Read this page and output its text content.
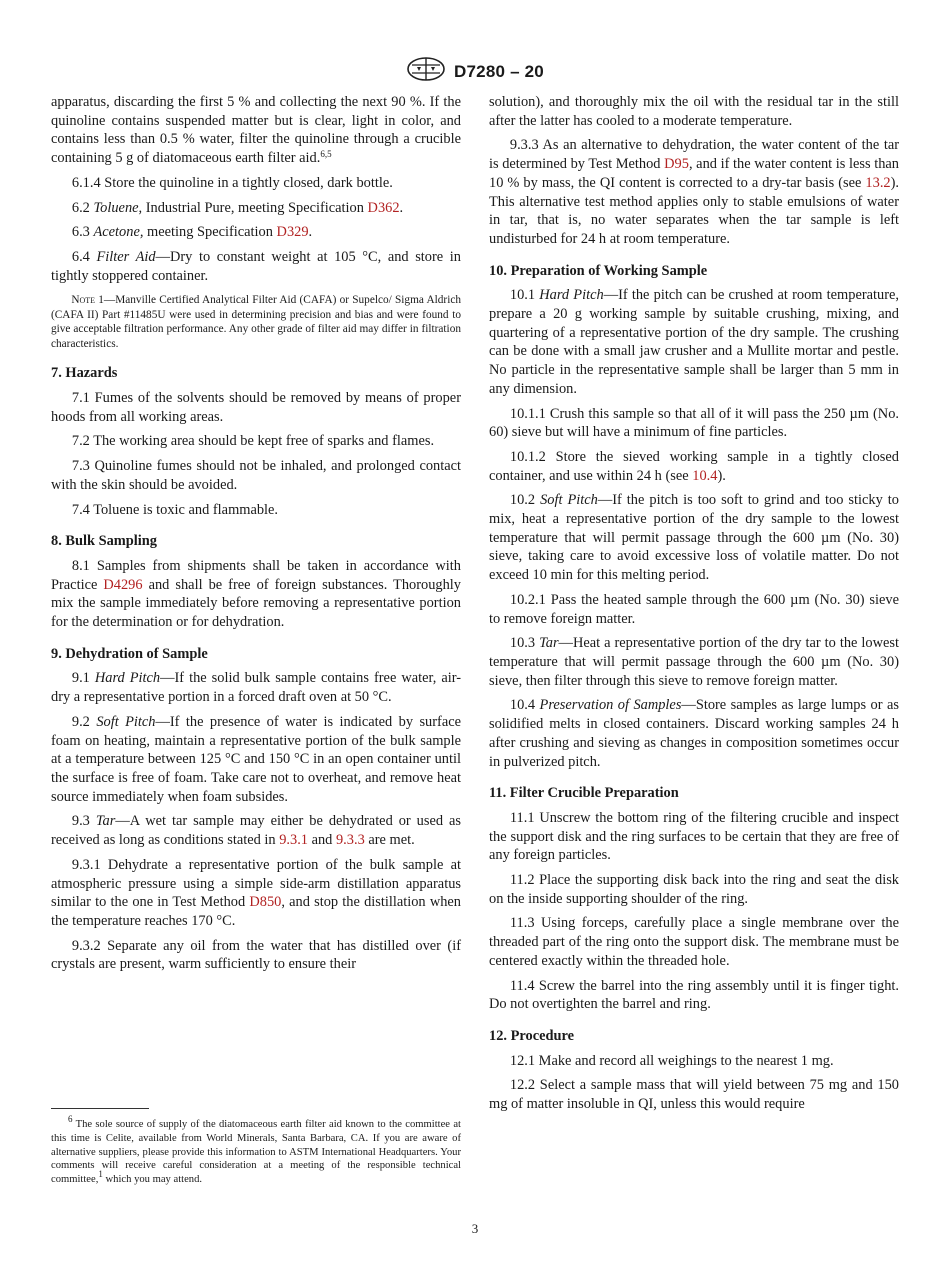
D7280 – 20

apparatus, discarding the first 5 % and collecting the next 90 %. If the quinoline contains suspended matter but is clear, light in color, and contains less than 0.5 % water, filter the quinoline through a crucible containing 5 g of diatomaceous earth filter aid.$^{6,5}$

6.1.4 Store the quinoline in a tightly closed, dark bottle.

6.2 Toluene, Industrial Pure, meeting Specification D362.

6.3 Acetone, meeting Specification D329.

6.4 Filter Aid—Dry to constant weight at 105 °C, and store in tightly stoppered container.

Note 1—Manville Certified Analytical Filter Aid (CAFA) or Supelco/ Sigma Aldrich (CAFA II) Part #11485U were used in determining precision and bias and were found to give acceptable filtration performance. Any other grade of filter aid may differ in filtration characteristics.

7. Hazards

7.1 Fumes of the solvents should be removed by means of proper hoods from all working areas.

7.2 The working area should be kept free of sparks and flames.

7.3 Quinoline fumes should not be inhaled, and prolonged contact with the skin should be avoided.

7.4 Toluene is toxic and flammable.

8. Bulk Sampling

8.1 Samples from shipments shall be taken in accordance with Practice D4296 and shall be free of foreign substances. Thoroughly mix the sample immediately before removing a representative portion for the determination or for dehydration.

9. Dehydration of Sample

9.1 Hard Pitch—If the solid bulk sample contains free water, air-dry a representative portion in a forced draft oven at 50 °C.

9.2 Soft Pitch—If the presence of water is indicated by surface foam on heating, maintain a representative portion of the bulk sample at a temperature between 125 °C and 150 °C in an open container until the surface is free of foam. Take care not to overheat, and remove heat source immediately when foam subsides.

9.3 Tar—A wet tar sample may either be dehydrated or used as received as long as conditions stated in 9.3.1 and 9.3.3 are met.

9.3.1 Dehydrate a representative portion of the bulk sample at atmospheric pressure using a simple side-arm distillation apparatus similar to the one in Test Method D850, and stop the distillation when the temperature reaches 170 °C.

9.3.2 Separate any oil from the water that has distilled over (if crystals are present, warm sufficiently to ensure their

$^6$ The sole source of supply of the diatomaceous earth filter aid known to the committee at this time is Celite, available from World Minerals, Santa Barbara, CA. If you are aware of alternative suppliers, please provide this information to ASTM International Headquarters. Your comments will receive careful consideration at a meeting of the responsible technical committee,$^1$ which you may attend.

solution), and thoroughly mix the oil with the residual tar in the still after the latter has cooled to a moderate temperature.

9.3.3 As an alternative to dehydration, the water content of the tar is determined by Test Method D95, and if the water content is less than 10 % by mass, the QI content is corrected to a dry-tar basis (see 13.2). This alternative test method applies only to stable emulsions of water in tar, that is, no water separates when the tar sample is left undisturbed for 24 h at room temperature.

10. Preparation of Working Sample

10.1 Hard Pitch—If the pitch can be crushed at room temperature, prepare a 20 g working sample by suitable crushing, mixing, and quartering of a representative portion of the dry sample. The crushing can be done with a small jaw crusher and a Mullite mortar and pestle. No particle in the representative sample shall be larger than 5 mm in any dimension.

10.1.1 Crush this sample so that all of it will pass the 250 µm (No. 60) sieve but will have a minimum of fine particles.

10.1.2 Store the sieved working sample in a tightly closed container, and use within 24 h (see 10.4).

10.2 Soft Pitch—If the pitch is too soft to grind and too sticky to mix, heat a representative portion of the dry sample to the lowest temperature that will permit passage through the 600 µm (No. 30) sieve, taking care to avoid excessive loss of volatile matter. Do not exceed 10 min for this melting period.

10.2.1 Pass the heated sample through the 600 µm (No. 30) sieve to remove foreign matter.

10.3 Tar—Heat a representative portion of the dry tar to the lowest temperature that will permit passage through the 600 µm (No. 30) sieve, then filter through this sieve to remove foreign matter.

10.4 Preservation of Samples—Store samples as large lumps or as solidified melts in closed containers. Discard working samples 24 h after crushing and sieving as changes in composition sometimes occur in pulverized pitch.

11. Filter Crucible Preparation

11.1 Unscrew the bottom ring of the filtering crucible and inspect the support disk and the ring surfaces to be certain that they are free of any foreign particles.

11.2 Place the supporting disk back into the ring and seat the disk on the inside supporting shoulder of the ring.

11.3 Using forceps, carefully place a single membrane over the threaded part of the ring onto the support disk. The membrane must be centered exactly within the threaded hole.

11.4 Screw the barrel into the ring assembly until it is finger tight. Do not overtighten the barrel and ring.

12. Procedure

12.1 Make and record all weighings to the nearest 1 mg.

12.2 Select a sample mass that will yield between 75 mg and 150 mg of matter insoluble in QI, unless this would require

3
